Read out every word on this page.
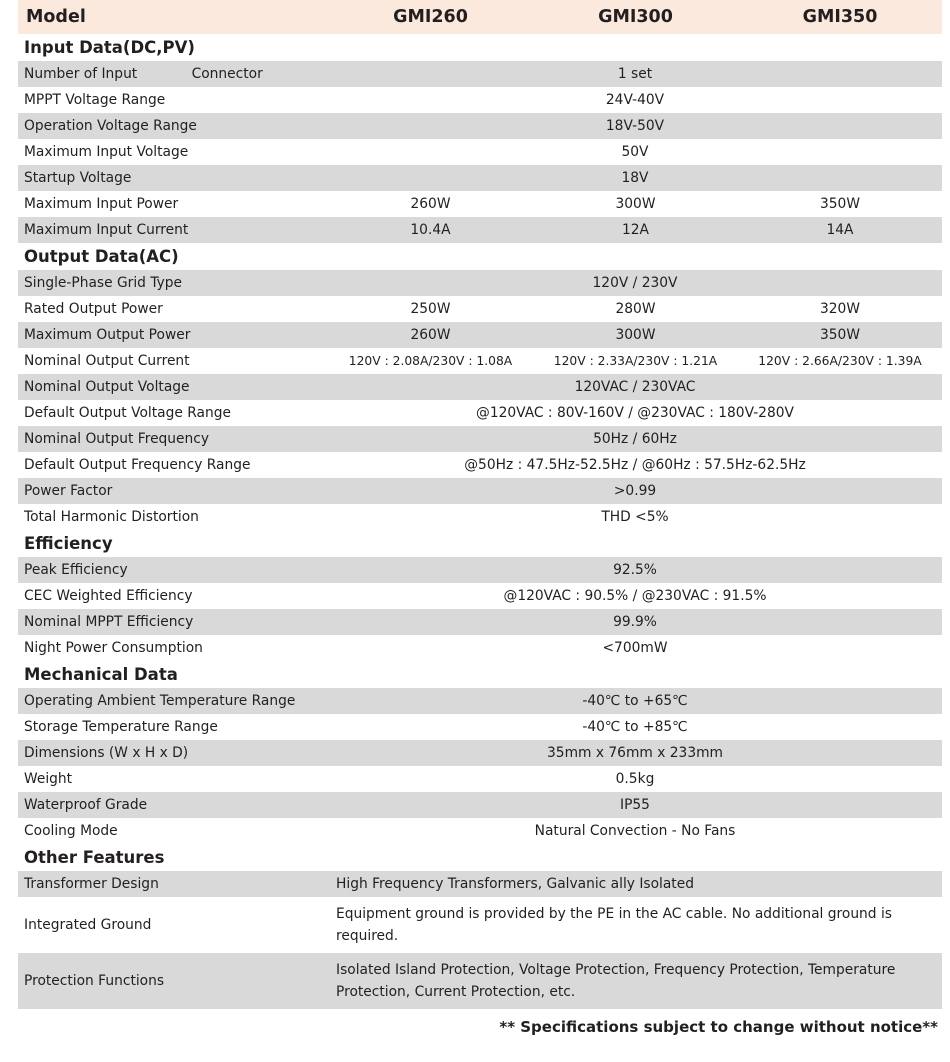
Model	GMI260	GMI300	GMI350
Input Data(DC,PV)			
Number of Input Connector	1 set		
MPPT Voltage Range	24V-40V		
Operation Voltage Range	18V-50V		
Maximum Input Voltage	50V		
Startup Voltage	18V		
Maximum Input Power	260W	300W	350W
Maximum Input Current	10.4A	12A	14A
Output Data(AC)			
Single-Phase Grid Type	120V / 230V		
Rated Output Power	250W	280W	320W
Maximum Output Power	260W	300W	350W
Nominal Output Current	120V : 2.08A/230V : 1.08A	120V : 2.33A/230V : 1.21A	120V : 2.66A/230V : 1.39A
Nominal Output Voltage	120VAC / 230VAC		
Default Output Voltage Range	@120VAC : 80V-160V / @230VAC : 180V-280V		
Nominal Output Frequency	50Hz / 60Hz		
Default Output Frequency Range	@50Hz : 47.5Hz-52.5Hz / @60Hz : 57.5Hz-62.5Hz		
Power Factor	>0.99		
Total Harmonic Distortion	THD <5%		
Efficiency			
Peak Efficiency	92.5%		
CEC Weighted Efficiency	@120VAC : 90.5% / @230VAC : 91.5%		
Nominal MPPT Efficiency	99.9%		
Night Power Consumption	<700mW		
Mechanical Data			
Operating Ambient Temperature Range	-40℃ to +65℃		
Storage Temperature Range	-40℃ to +85℃		
Dimensions (W x H x D)	35mm x 76mm x 233mm		
Weight	0.5kg		
Waterproof Grade	IP55		
Cooling Mode	Natural Convection - No Fans		
Other Features			
Transformer Design	High Frequency Transformers, Galvanic ally Isolated		
Integrated Ground	Equipment ground is provided by the PE in the AC cable. No additional ground is required.		
Protection Functions	Isolated Island Protection, Voltage Protection, Frequency Protection, Temperature Protection, Current Protection, etc.		
** Specifications subject to change without notice**
